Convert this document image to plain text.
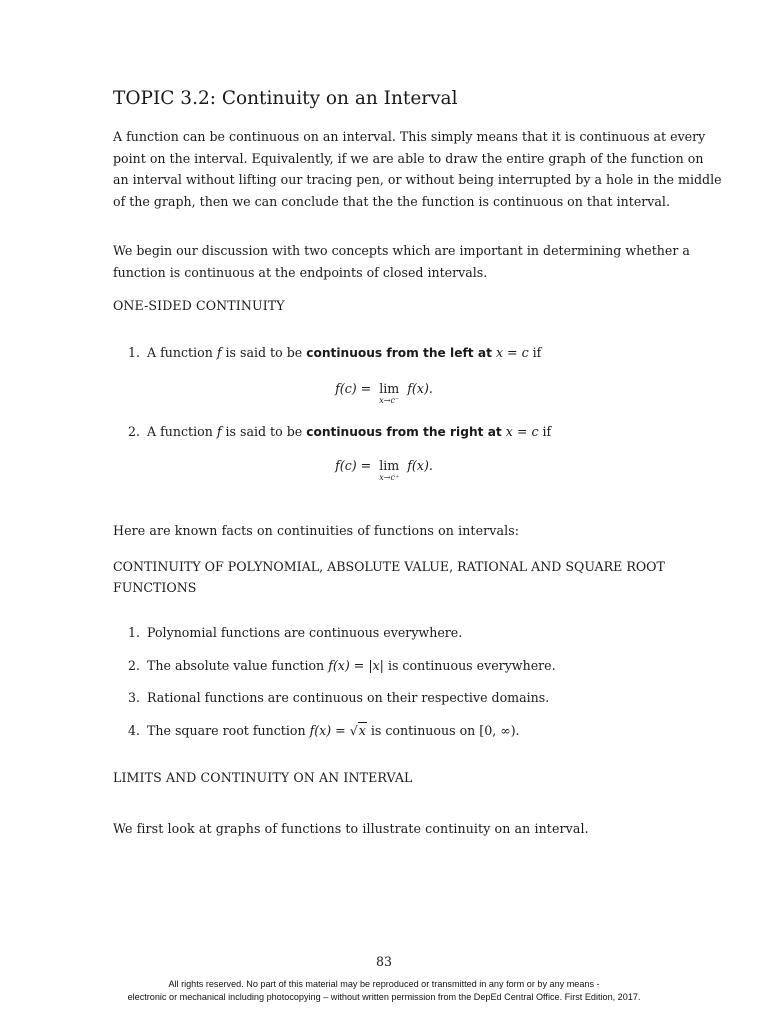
TOPIC 3.2: Continuity on an Interval
A function can be continuous on an interval. This simply means that it is continuous at every
point on the interval. Equivalently, if we are able to draw the entire graph of the function on
an interval without lifting our tracing pen, or without being interrupted by a hole in the middle
of the graph, then we can conclude that the the function is continuous on that interval.
We begin our discussion with two concepts which are important in determining whether a
function is continuous at the endpoints of closed intervals.
ONE-SIDED CONTINUITY
1. A function f is said to be continuous from the left at x = c if
f(c) = lim
x→c⁻
f(x).
2. A function f is said to be continuous from the right at x = c if
f(c) = lim
x→c⁺
f(x).
Here are known facts on continuities of functions on intervals:
CONTINUITY OF POLYNOMIAL, ABSOLUTE VALUE, RATIONAL AND SQUARE ROOT FUNCTIONS
1. Polynomial functions are continuous everywhere.
2. The absolute value function f(x) = |x| is continuous everywhere.
3. Rational functions are continuous on their respective domains.
4. The square root function f(x) = √x is continuous on [0, ∞).
LIMITS AND CONTINUITY ON AN INTERVAL
We first look at graphs of functions to illustrate continuity on an interval.
83
All rights reserved. No part of this material may be reproduced or transmitted in any form or by any means -
electronic or mechanical including photocopying – without written permission from the DepEd Central Office. First Edition, 2017.
